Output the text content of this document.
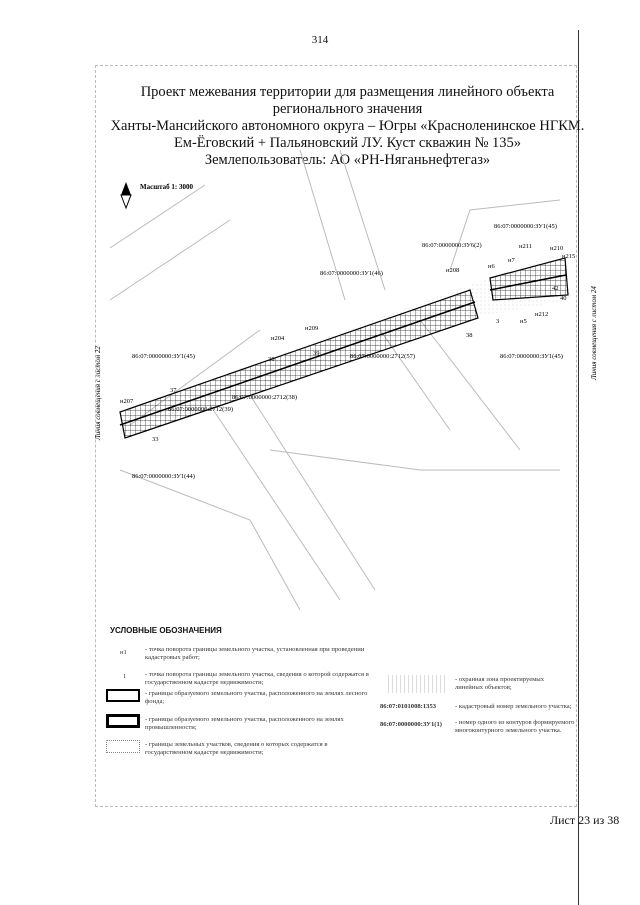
314
Проект межевания территории для размещения линейного объекта
регионального значения
Ханты-Мансийского автономного округа – Югры «Красноленинское НГКМ.
Ем-Ёговский + Пальяновский ЛУ. Куст скважин № 135»
Землепользователь: АО «РН-Няганьнефтегаз»
Масштаб 1: 3000
Линия совмещения с листом 22
Линия совмещения с листом 24
86:07:0000000:ЗУ1(45)
86:07:0000000:ЗУ6(2)
86:07:0000000:ЗУ1(46)
86:07:0000000:2712(57)	86:07:0000000:ЗУ1(45)
86:07:0000000:ЗУ1(45)
86:07:0000000:2712(38)
86:07:0000000:2712(39)
86:07:0000000:ЗУ1(44)
н211	н210
н7
н215
н6
н208
42
40
н5
н212
3
38
н209
н204
36
39
37
н207
33
УСЛОВНЫЕ ОБОЗНАЧЕНИЯ
н1	- точка поворота границы земельного участка, установленная при проведении кадастровых работ;
1	- точка поворота границы земельного участка, сведения о которой содержатся в государственном кадастре недвижимости;
- границы образуемого земельного участка, расположенного на землях лесного фонда;
- границы образуемого земельного участка, расположенного на землях промышленности;
- границы земельных участков, сведения о которых содержатся в государственном кадастре недвижимости;
- охранная зона проектируемых линейных объектов;
86:07:0101008:1353	- кадастровый номер земельного участка;
86:07:0000000:ЗУ1(1) - номер одного из контуров формируемого многоконтурного земельного участка.
Лист 23 из 38
